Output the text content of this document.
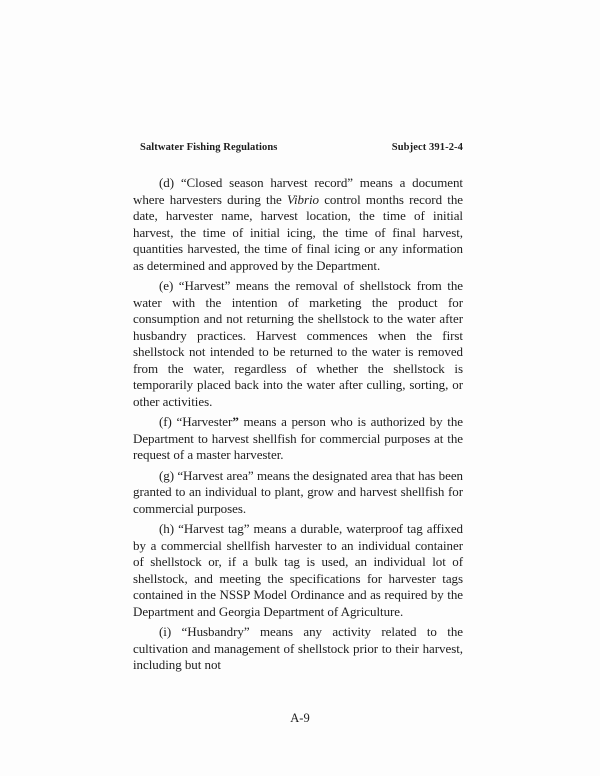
Saltwater Fishing Regulations	Subject 391-2-4

(d) “Closed season harvest record” means a document where harvesters during the Vibrio control months record the date, harvester name, harvest location, the time of initial harvest, the time of initial icing, the time of final harvest, quantities harvested, the time of final icing or any information as determined and approved by the Department.

(e) “Harvest” means the removal of shellstock from the water with the intention of marketing the product for consumption and not returning the shellstock to the water after husbandry practices. Harvest commences when the first shellstock not intended to be returned to the water is removed from the water, regardless of whether the shellstock is temporarily placed back into the water after culling, sorting, or other activities.

(f) “Harvester” means a person who is authorized by the Department to harvest shellfish for commercial purposes at the request of a master harvester.

(g) “Harvest area” means the designated area that has been granted to an individual to plant, grow and harvest shellfish for commercial purposes.

(h) “Harvest tag” means a durable, waterproof tag affixed by a commercial shellfish harvester to an individual container of shellstock or, if a bulk tag is used, an individual lot of shellstock, and meeting the specifications for harvester tags contained in the NSSP Model Ordinance and as required by the Department and Georgia Department of Agriculture.

(i) “Husbandry” means any activity related to the cultivation and management of shellstock prior to their harvest, including but not

A-9
